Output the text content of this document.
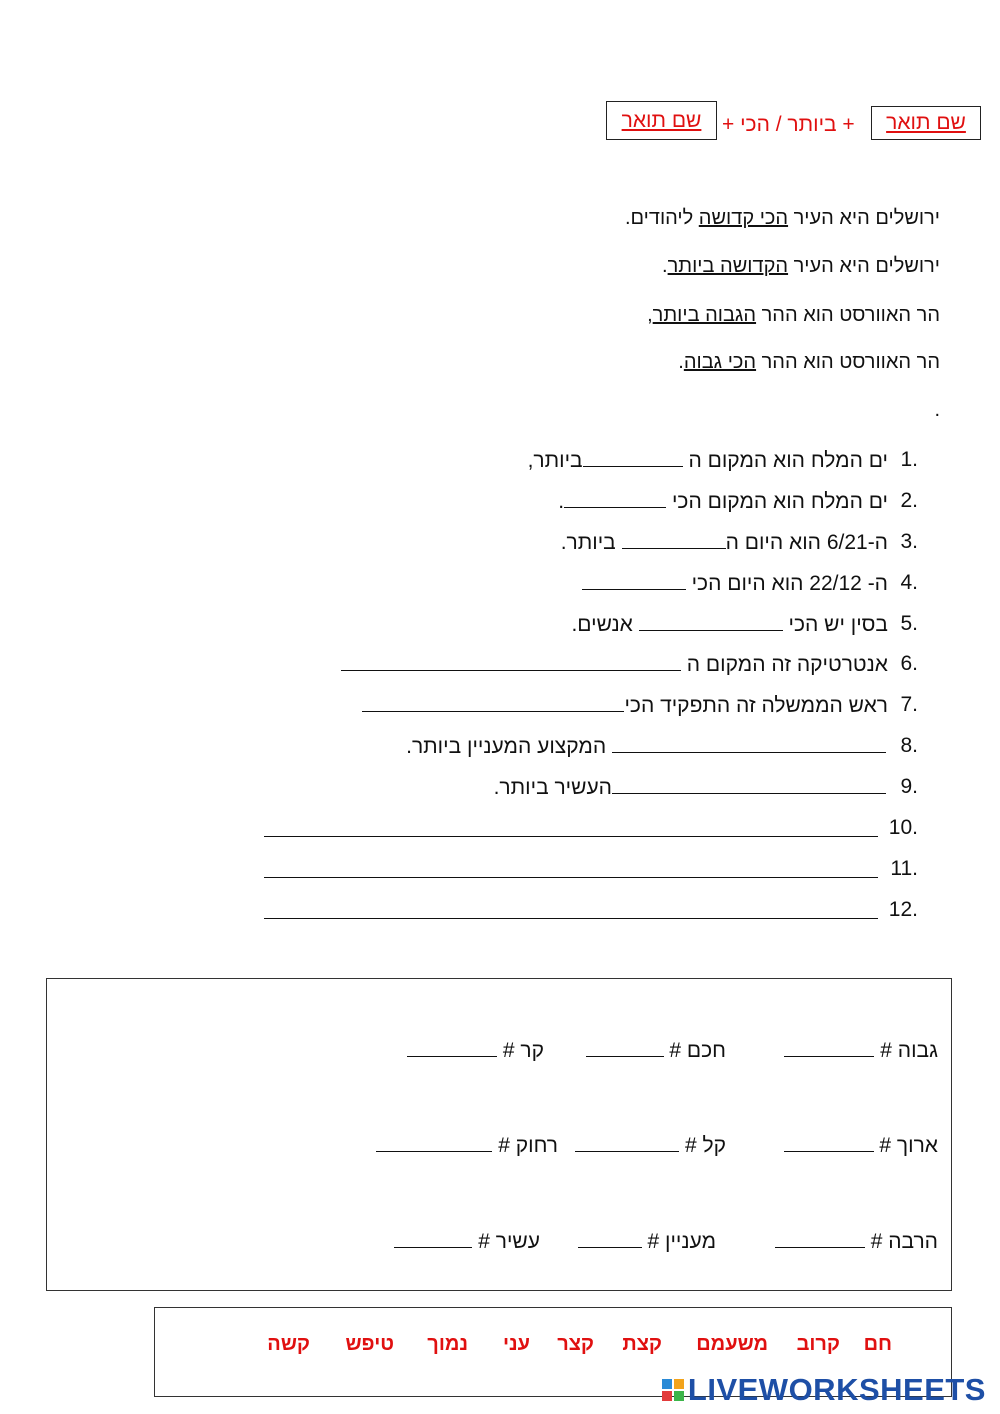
שם תואר
+ ביותר / הכי +
שם תואר
ירושלים היא העיר הכי קדושה ליהודים.
ירושלים היא העיר הקדושה ביותר.
הר האוורסט הוא ההר הגבוה ביותר,
הר האוורסט הוא ההר הכי גבוה.
.
1.
ים המלח הוא המקום ה ביותר,
2.
ים המלח הוא המקום הכי .
3.
ה-6/21 הוא היום ה ביותר.
4.
ה- 22/12 הוא היום הכי
5.
בסין יש הכי  אנשים.
6.
אנטרטיקה זה המקום ה
7.
ראש הממשלה זה התפקיד הכי
8.
המקצוע המעניין ביותר.
9.
העשיר ביותר.
10.
11.
12.
גבוה #
חכם #
קר #
ארוך #
קל #
רחוק #
הרבה #
מעניין #
עשיר #
חם
קרוב
משעמם
קצת
קצר
עני
נמוך
טיפש
קשה
LIVEWORKSHEETS
